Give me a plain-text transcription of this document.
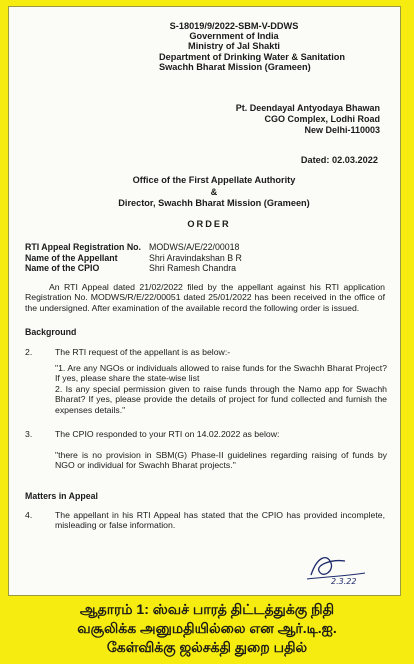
S-18019/9/2022-SBM-V-DDWS
Government of India
Ministry of Jal Shakti
Department of Drinking Water & Sanitation
Swachh Bharat Mission (Grameen)
Pt. Deendayal Antyodaya Bhawan
CGO Complex, Lodhi Road
New Delhi-110003
Dated: 02.03.2022
Office of the First Appellate Authority
&
Director, Swachh Bharat Mission (Grameen)
ORDER
RTI Appeal Registration No. MODWS/A/E/22/00018
Name of the Appellant	Shri Aravindakshan B R
Name of the CPIO	Shri Ramesh Chandra
An RTI Appeal dated 21/02/2022 filed by the appellant against his RTI application Registration No. MODWS/R/E/22/00051 dated 25/01/2022 has been received in the office of the undersigned. After examination of the available record the following order is issued.
Background
2.	The RTI request of the appellant is as below:-
"1. Are any NGOs or individuals allowed to raise funds for the Swachh Bharat Project? If yes, please share the state-wise list
2. Is any special permission given to raise funds through the Namo app for Swachh Bharat? If yes, please provide the details of project for fund collected and furnish the expenses details."
3.	The CPIO responded to your RTI on 14.02.2022 as below:
"there is no provision in SBM(G) Phase-II guidelines regarding raising of funds by NGO or individual for Swachh Bharat projects."
Matters in Appeal
4.	The appellant in his RTI Appeal has stated that the CPIO has provided incomplete, misleading or false information.
2.3.22
ஆதாரம் 1: ஸ்வச் பாரத் திட்டத்துக்கு நிதி
வசூலிக்க அனுமதியில்லை என ஆர்.டி.ஐ.
கேள்விக்கு ஜல்சக்தி துறை பதில்
